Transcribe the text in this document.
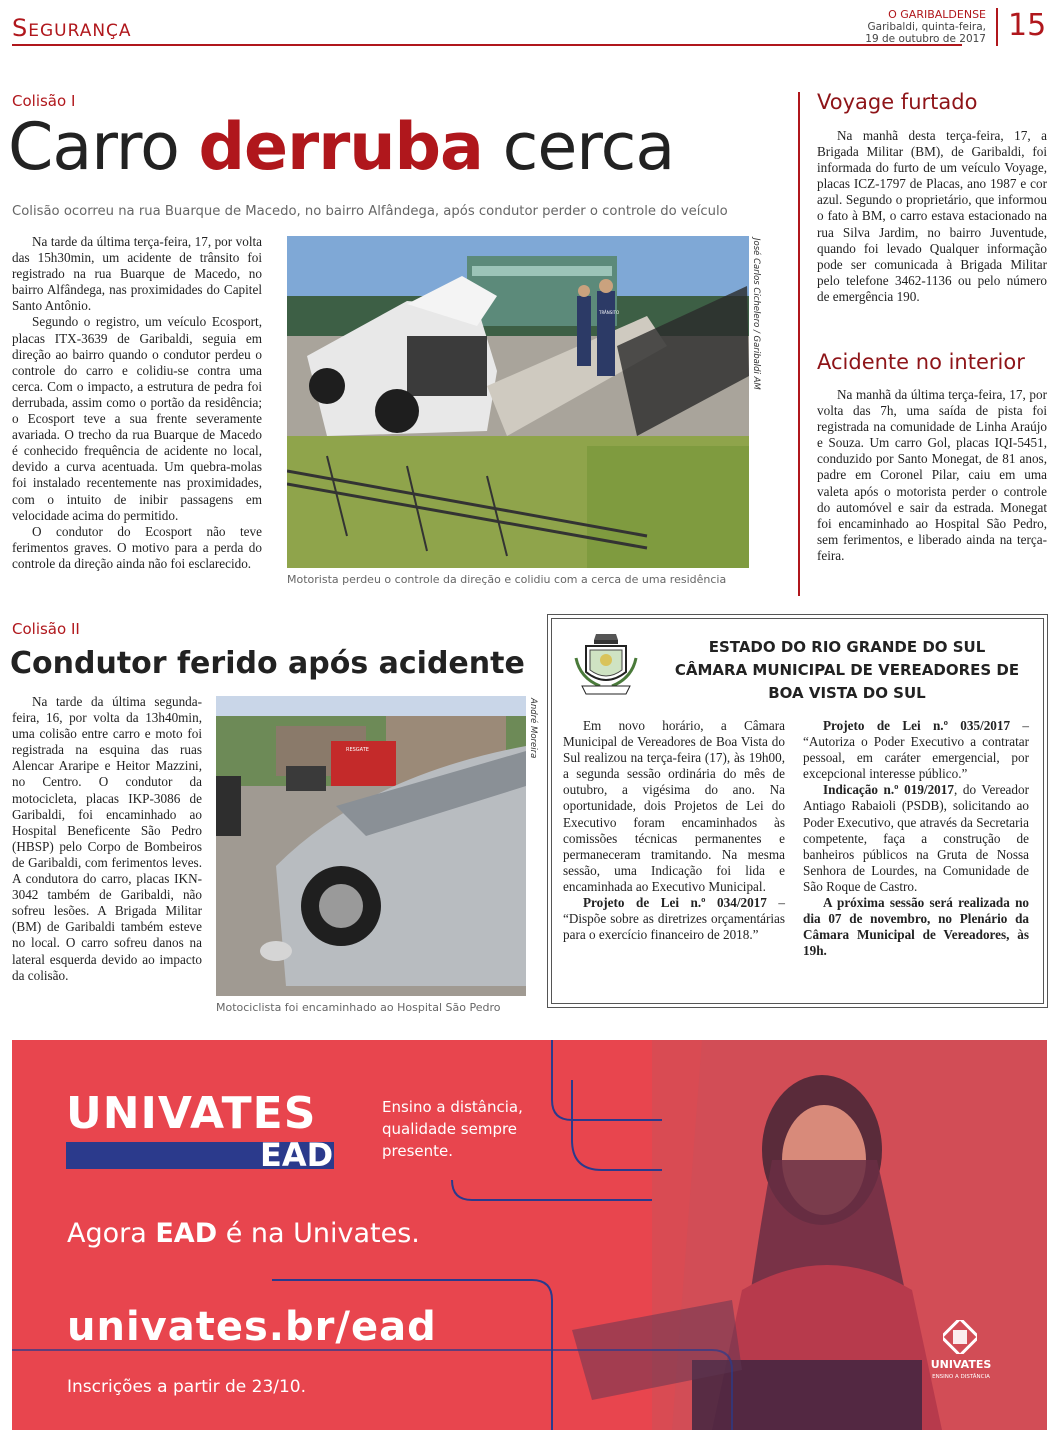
Segurança	O GARIBALDENSE
Garibaldi, quinta-feira,
19 de outubro de 2017 15
Colisão I
Carro derruba cerca
Colisão ocorreu na rua Buarque de Macedo, no bairro Alfândega, após condutor perder o controle do veículo

Na tarde da última terça-feira, 17, por volta das 15h30min, um acidente de trânsito foi registrado na rua Buarque de Macedo, no bairro Alfândega, nas proximidades do Capitel Santo Antônio.

Segundo o registro, um veículo Ecosport, placas ITX-3639 de Garibaldi, seguia em direção ao bairro quando o condutor perdeu o controle do carro e colidiu-se contra uma cerca. Com o impacto, a estrutura de pedra foi derrubada, assim como o portão da residência; o Ecosport teve a sua frente severamente avariada. O trecho da rua Buarque de Macedo é conhecido frequência de acidente no local, devido a curva acentuada. Um quebra-molas foi instalado recentemente nas proximidades, com o intuito de inibir passagens em velocidade acima do permitido.

O condutor do Ecosport não teve ferimentos graves. O motivo para a perda do controle da direção ainda não foi esclarecido.

TRÂNSITO	José Carlos Cichelero / Garibaldi AM
Motorista perdeu o controle da direção e colidiu com a cerca de uma residência
Voyage furtado

Na manhã desta terça-feira, 17, a Brigada Militar (BM), de Garibaldi, foi informada do furto de um veículo Voyage, placas ICZ-1797 de Placas, ano 1987 e cor azul. Segundo o proprietário, que informou o fato à BM, o carro estava estacionado na rua Silva Jardim, no bairro Juventude, quando foi levado Qualquer informação pode ser comunicada à Brigada Militar pelo telefone 3462-1136 ou pelo número de emergência 190.

Acidente no interior

Na manhã da última terça-feira, 17, por volta das 7h, uma saída de pista foi registrada na comunidade de Linha Araújo e Souza. Um carro Gol, placas IQI-5451, conduzido por Santo Monegat, de 81 anos, padre em Coronel Pilar, caiu em uma valeta após o motorista perder o controle do automóvel e sair da estrada. Monegat foi encaminhado ao Hospital São Pedro, sem ferimentos, e liberado ainda na terça-feira.

Colisão II
Condutor ferido após acidente

Na tarde da última segunda-feira, 16, por volta da 13h40min, uma colisão entre carro e moto foi registrada na esquina das ruas Alencar Araripe e Heitor Mazzini, no Centro. O condutor da motocicleta, placas IKP-3086 de Garibaldi, foi encaminhado ao Hospital Beneficente São Pedro (HBSP) pelo Corpo de Bombeiros de Garibaldi, com ferimentos leves. A condutora do carro, placas IKN-3042 também de Garibaldi, não sofreu lesões. A Brigada Militar (BM) de Garibaldi também esteve no local. O carro sofreu danos na lateral esquerda devido ao impacto da colisão.

RESGATE	André Moreira
Motociclista foi encaminhado ao Hospital São Pedro
ESTADO DO RIO GRANDE DO SUL
CÂMARA MUNICIPAL DE VEREADORES DE
BOA VISTA DO SUL

Em novo horário, a Câmara Municipal de Vereadores de Boa Vista do Sul realizou na terça-feira (17), às 19h00, a segunda sessão ordinária do mês de outubro, a vigésima do ano. Na oportunidade, dois Projetos de Lei do Executivo foram encaminhados às comissões técnicas permanentes e permaneceram tramitando. Na mesma sessão, uma Indicação foi lida e encaminhada ao Executivo Municipal.

Projeto de Lei n.º 034/2017 – “Dispõe sobre as diretrizes orçamentárias para o exercício financeiro de 2018.”

Projeto de Lei n.º 035/2017 – “Autoriza o Poder Executivo a contratar pessoal, em caráter emergencial, por excepcional interesse público.”

Indicação n.º 019/2017, do Vereador Antiago Rabaioli (PSDB), solicitando ao Poder Executivo, que através da Secretaria competente, faça a construção de banheiros públicos na Gruta de Nossa Senhora de Lourdes, na Comunidade de São Roque de Castro.

A próxima sessão será realizada no dia 07 de novembro, no Plenário da Câmara Municipal de Vereadores, às 19h.

UNIVATES
EAD
Ensino a distância,
qualidade sempre
presente.
Agora EAD é na Univates.
univates.br/ead
Inscrições a partir de 23/10.
UNIVATES
ENSINO A DISTÂNCIA
